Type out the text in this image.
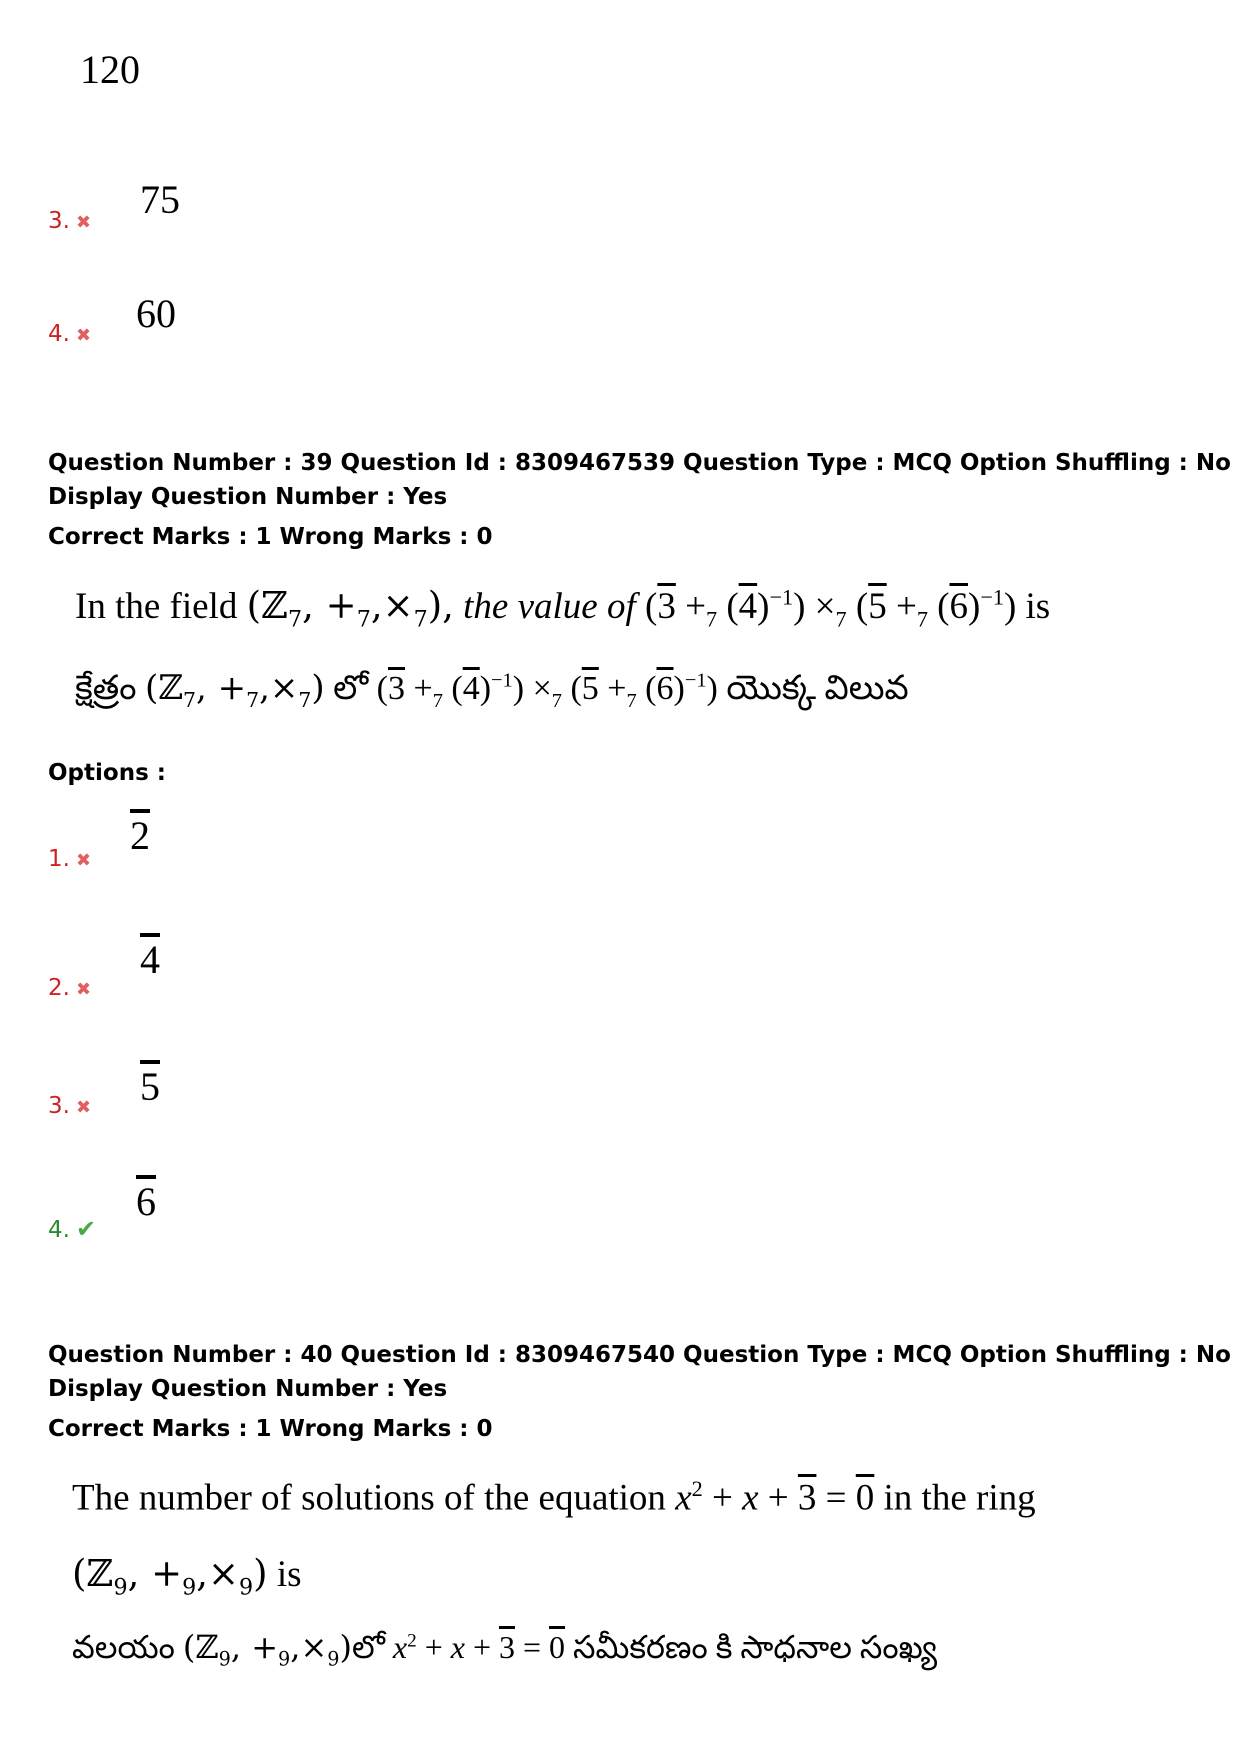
120
3. ✖
75
4. ✖ 60
Question Number : 39 Question Id : 8309467539 Question Type : MCQ Option Shuffling : No
Display Question Number : Yes
Correct Marks : 1 Wrong Marks : 0
In the field (ℤ$_7$, $+_7,\times_7$), the value of ($3 +_7$ $(4)^{-1}) \times_7$ ($5 +_7$ $(6)^{-1}$) is
క్షేత్రం (ℤ$_7$, $+_7,\times_7$) లో ($3 +_7$ $(4)^{-1}) \times_7$ ($5 +_7$ $(6)^{-1}$) యొక్క విలువ
Options :
1. ✖
2
2. ✖
4
3. ✖ 5
4. ✔
6
Question Number : 40 Question Id : 8309467540 Question Type : MCQ Option Shuffling : No
Display Question Number : Yes
Correct Marks : 1 Wrong Marks : 0
The number of solutions of the equation $x^2 + x + 3 = 0$ in the ring
(ℤ$_9$, $+_9,\times_9$) is
వలయం (ℤ$_9$, $+_9,\times_9)లో$ $x^2 + x + 3 = 0$ సమీకరణం కి సాధనాల సంఖ్య
